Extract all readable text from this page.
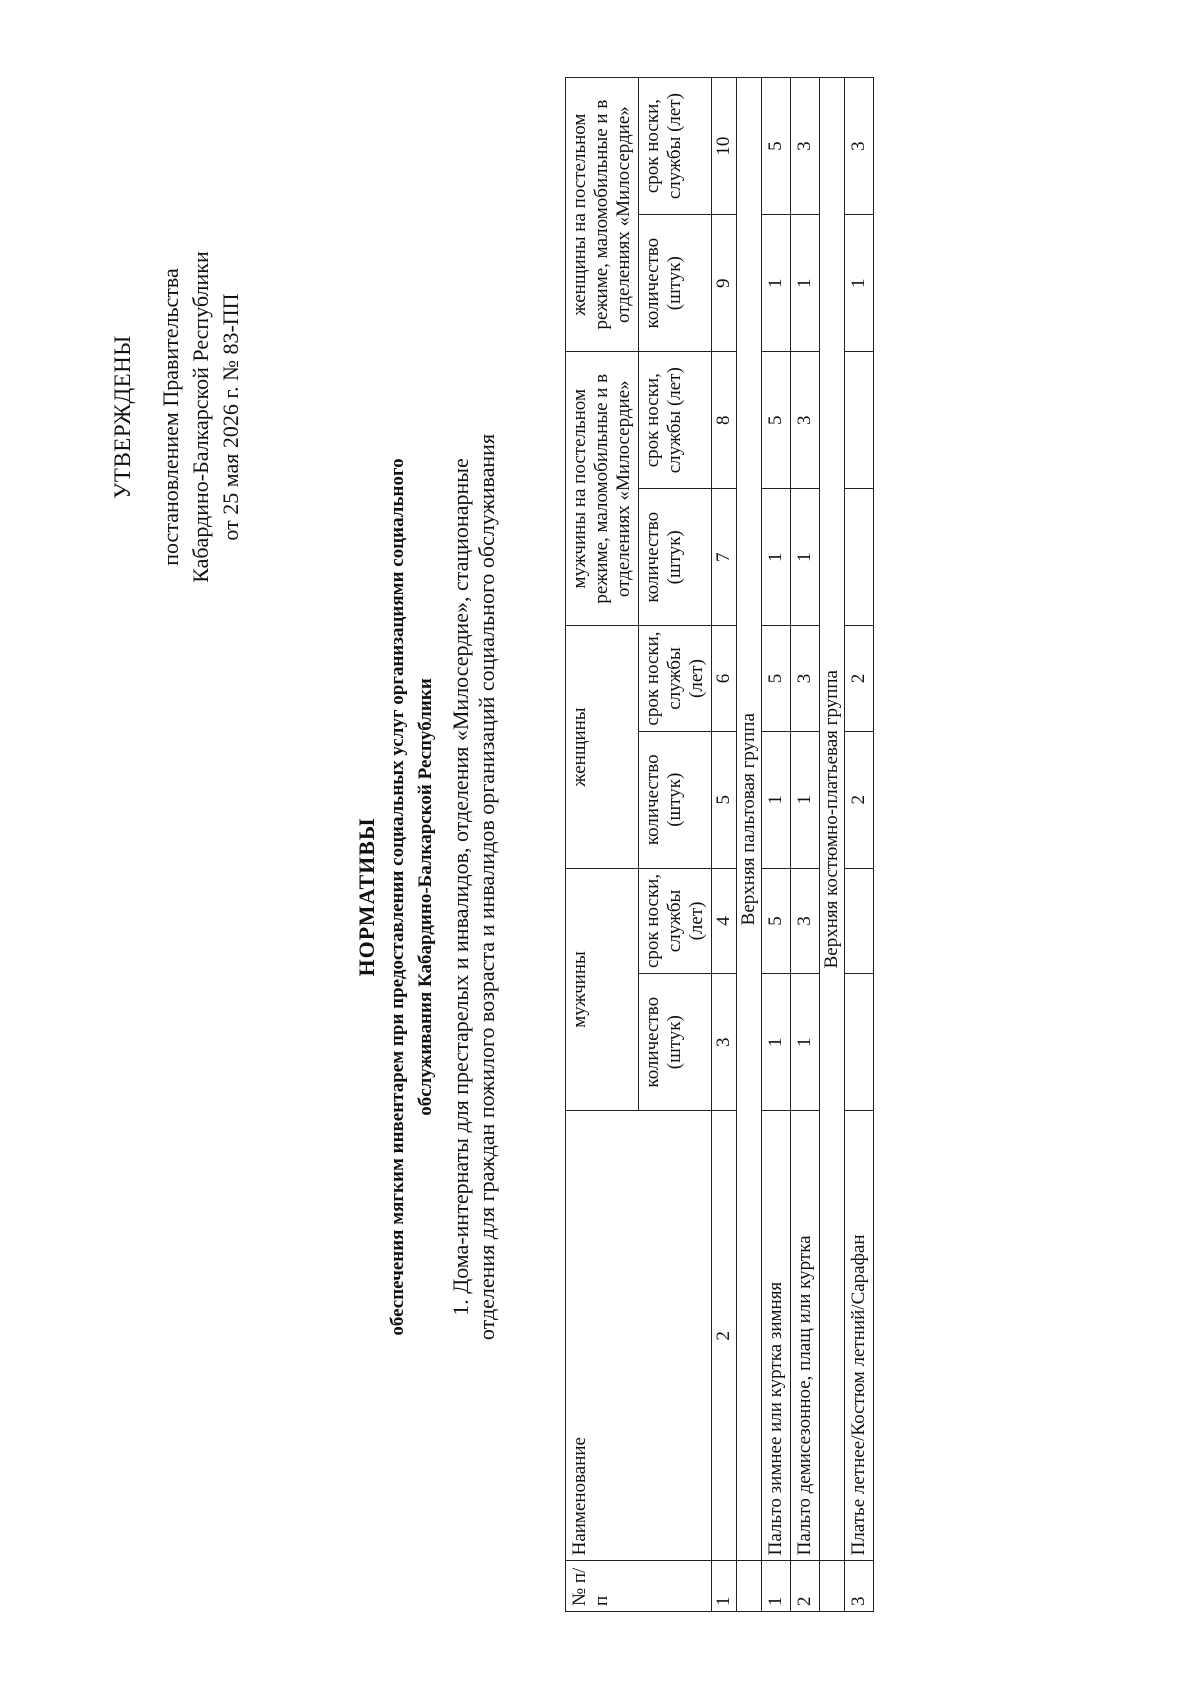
УТВЕРЖДЕНЫ постановлением Правительства Кабардино-Балкарской Республики от 25 мая 2026 г. № 83-ПП
НОРМАТИВЫ обеспечения мягким инвентарем при предоставлении социальных услуг организациями социального обслуживания Кабардино-Балкарской Республики 1. Дома-интернаты для престарелых и инвалидов, отделения «Милосердие», стационарные отделения для граждан пожилого возраста и инвалидов организаций социального обслуживания
№ п/п	Наименование	мужчины		женщины		мужчины на постельном режиме, маломобильные и в отделениях «Милосердие»		женщины на постельном режиме, маломобильные и в отделениях «Милосердие»	
		количество (штук)	срок носки, службы (лет)	количество (штук)	срок носки, службы (лет)	количество (штук)	срок носки, службы (лет)	количество (штук)	срок носки, службы (лет)
1	2	3	4	5	6	7	8	9	10
	Верхняя пальтовая группа								
1	Пальто зимнее или куртка зимняя	1	5	1	5	1	5	1	5
2	Пальто демисезонное, плащ или куртка	1	3	1	3	1	3	1	3
	Верхняя костюмно-платьевая группа								
3	Платье летнее/Костюм летний/Сарафан			2	2			1	3
